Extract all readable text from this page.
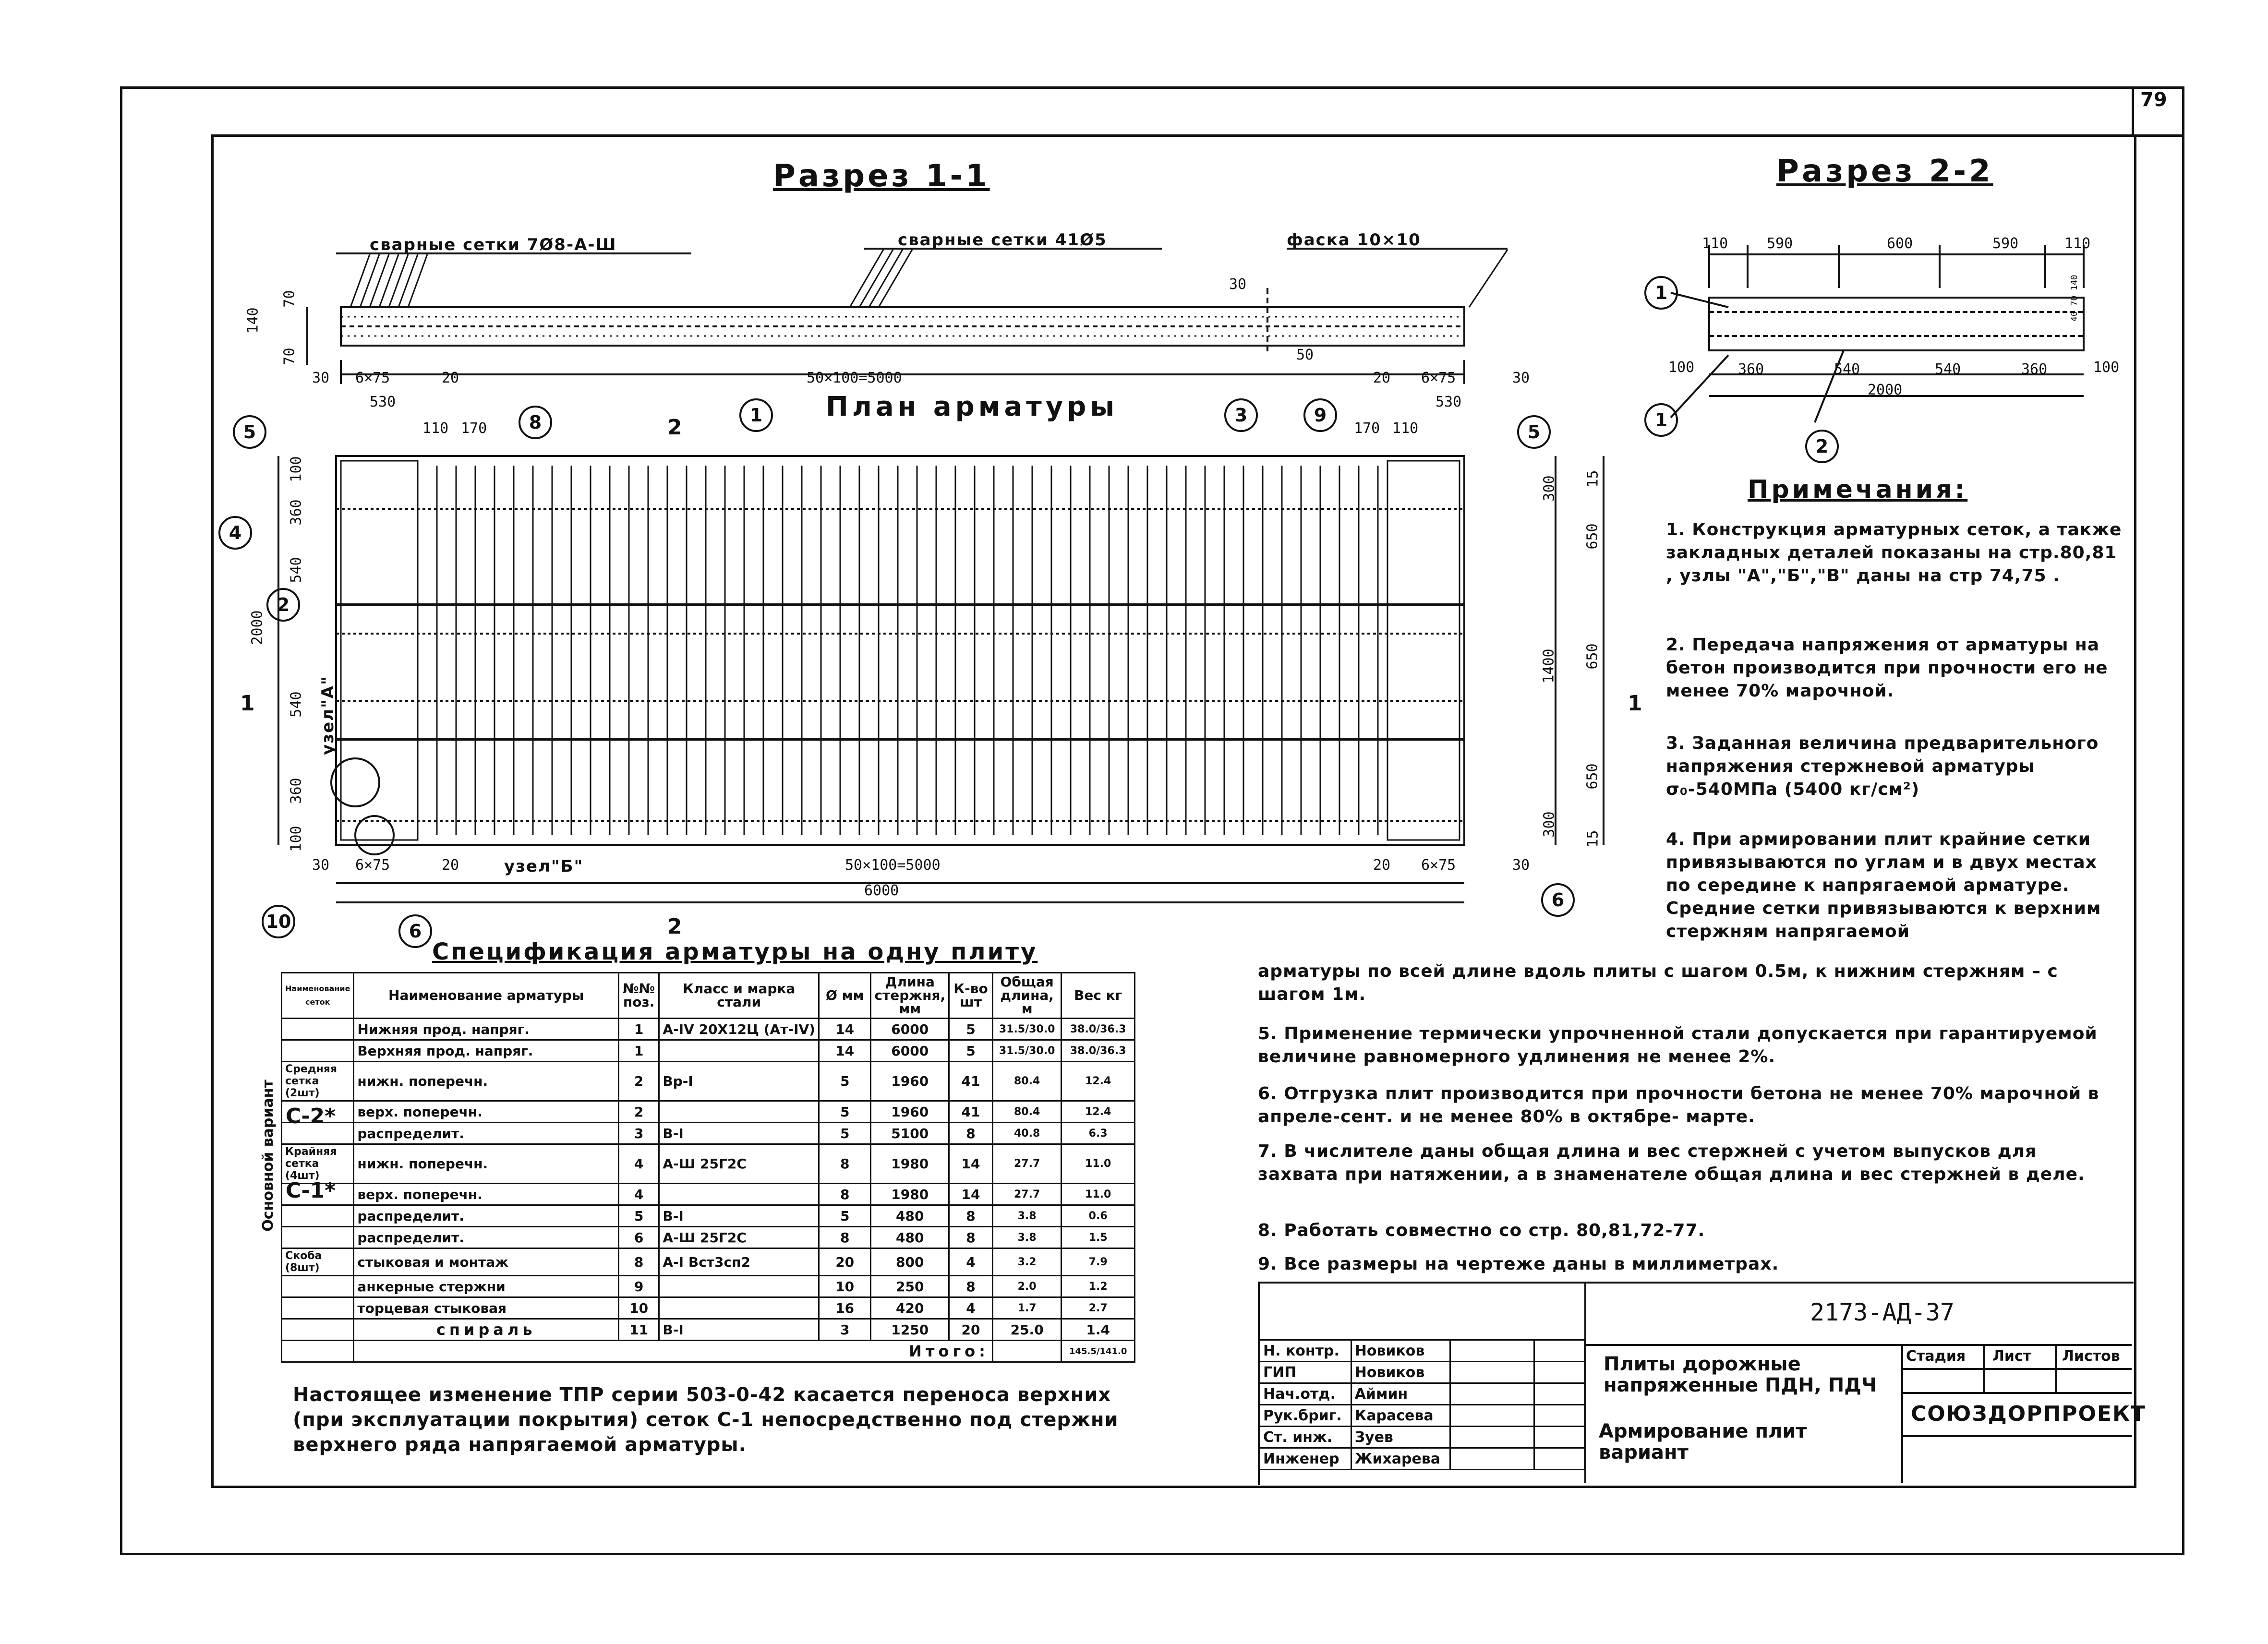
79
Разрез 1-1
сварные сетки 7Ø8-А-Ш	сварные сетки 41Ø5	фаска 10×10
140
70
70
30 6×75	20	50×100=5000	20 6×75	30
30
50
Разрез 2-2
110	590	600	590	110
100	360	540	540	360	100
2000
40 70 140
1
1
2
План арматуры
530	530
110 170	170 110
100
360
540
2000
540
360
100
300 15
650
1400 650
650
300
15
1	1
2
2
узел"А"
узел"Б"
30 6×75	20	50×100=5000	20 6×75	30
6000
1
2
3
4
5	5
6
8	9
10	6
Спецификация арматуры на одну плиту
Основной вариант С-2*
С-1*
Наименование сеток	Наименование арматуры	№№ поз.	Класс и марка стали	Ø мм	Длина стержня, мм	К-во шт	Общая длина, м	Вес кг
	Нижняя прод. напряг.	1	А-IV 20Х12Ц (Ат-IV)	14	6000	5	31.5/30.0	38.0/36.3
	Верхняя прод. напряг.	1		14	6000	5	31.5/30.0	38.0/36.3
Средняя сетка (2шт)	нижн. поперечн.	2	Вр-I	5	1960	41	80.4	12.4
	верх. поперечн.	2		5	1960	41	80.4	12.4
	распределит.	3	В-I	5	5100	8	40.8	6.3
Крайняя сетка (4шт)	нижн. поперечн.	4	А-Ш 25Г2С	8	1980	14	27.7	11.0
	верх. поперечн.	4		8	1980	14	27.7	11.0
	распределит.	5	В-I	5	480	8	3.8	0.6
	распределит.	6	А-Ш 25Г2С	8	480	8	3.8	1.5
Скоба (8шт)	стыковая и монтаж	8	А-I Вст3сп2	20	800	4	3.2	7.9
	анкерные стержни	9		10	250	8	2.0	1.2
	торцевая стыковая	10		16	420	4	1.7	2.7
	спираль	11	В-I	3	1250	20	25.0	1.4
	Итого:							145.5/141.0
Настоящее изменение ТПР серии 503-0-42 касается переноса верхних (при эксплуатации покрытия) сеток С-1 непосредственно под стержни верхнего ряда напрягаемой арматуры.
Примечания:
1. Конструкция арматурных сеток, а также закладных деталей показаны на стр.80,81 , узлы "А","Б","В" даны на стр 74,75 .
2. Передача напряжения от арматуры на бетон производится при прочности его не менее 70% марочной.
3. Заданная величина предварительного напряжения стержневой арматуры σ₀-540МПа (5400 кг/см²)
4. При армировании плит крайние сетки привязываются по углам и в двух местах по середине к напрягаемой арматуре. Средние сетки привязываются к верхним стержням напрягаемой
арматуры по всей длине вдоль плиты с шагом 0.5м, к нижним стержням – с шагом 1м.
5. Применение термически упрочненной стали допускается при гарантируемой величине равномерного удлинения не менее 2%.
6. Отгрузка плит производится при прочности бетона не менее 70% марочной в апреле-сент. и не менее 80% в октябре- марте.
7. В числителе даны общая длина и вес стержней с учетом выпусков для захвата при натяжении, а в знаменателе общая длина и вес стержней в деле.
8. Работать совместно со стр. 80,81,72-77.
9. Все размеры на чертеже даны в миллиметрах.
2173-АД-37
Н. контр.	Новиков		
ГИП	Новиков		
Нач.отд.	Аймин		
Рук.бриг.	Карасева		
Ст. инж.	Зуев		
Инженер	Жихарева		
Плиты дорожные напряженные ПДН, ПДЧ
Армирование плит вариант
Стадия Лист Листов
СОЮЗДОРПРОЕКТ
